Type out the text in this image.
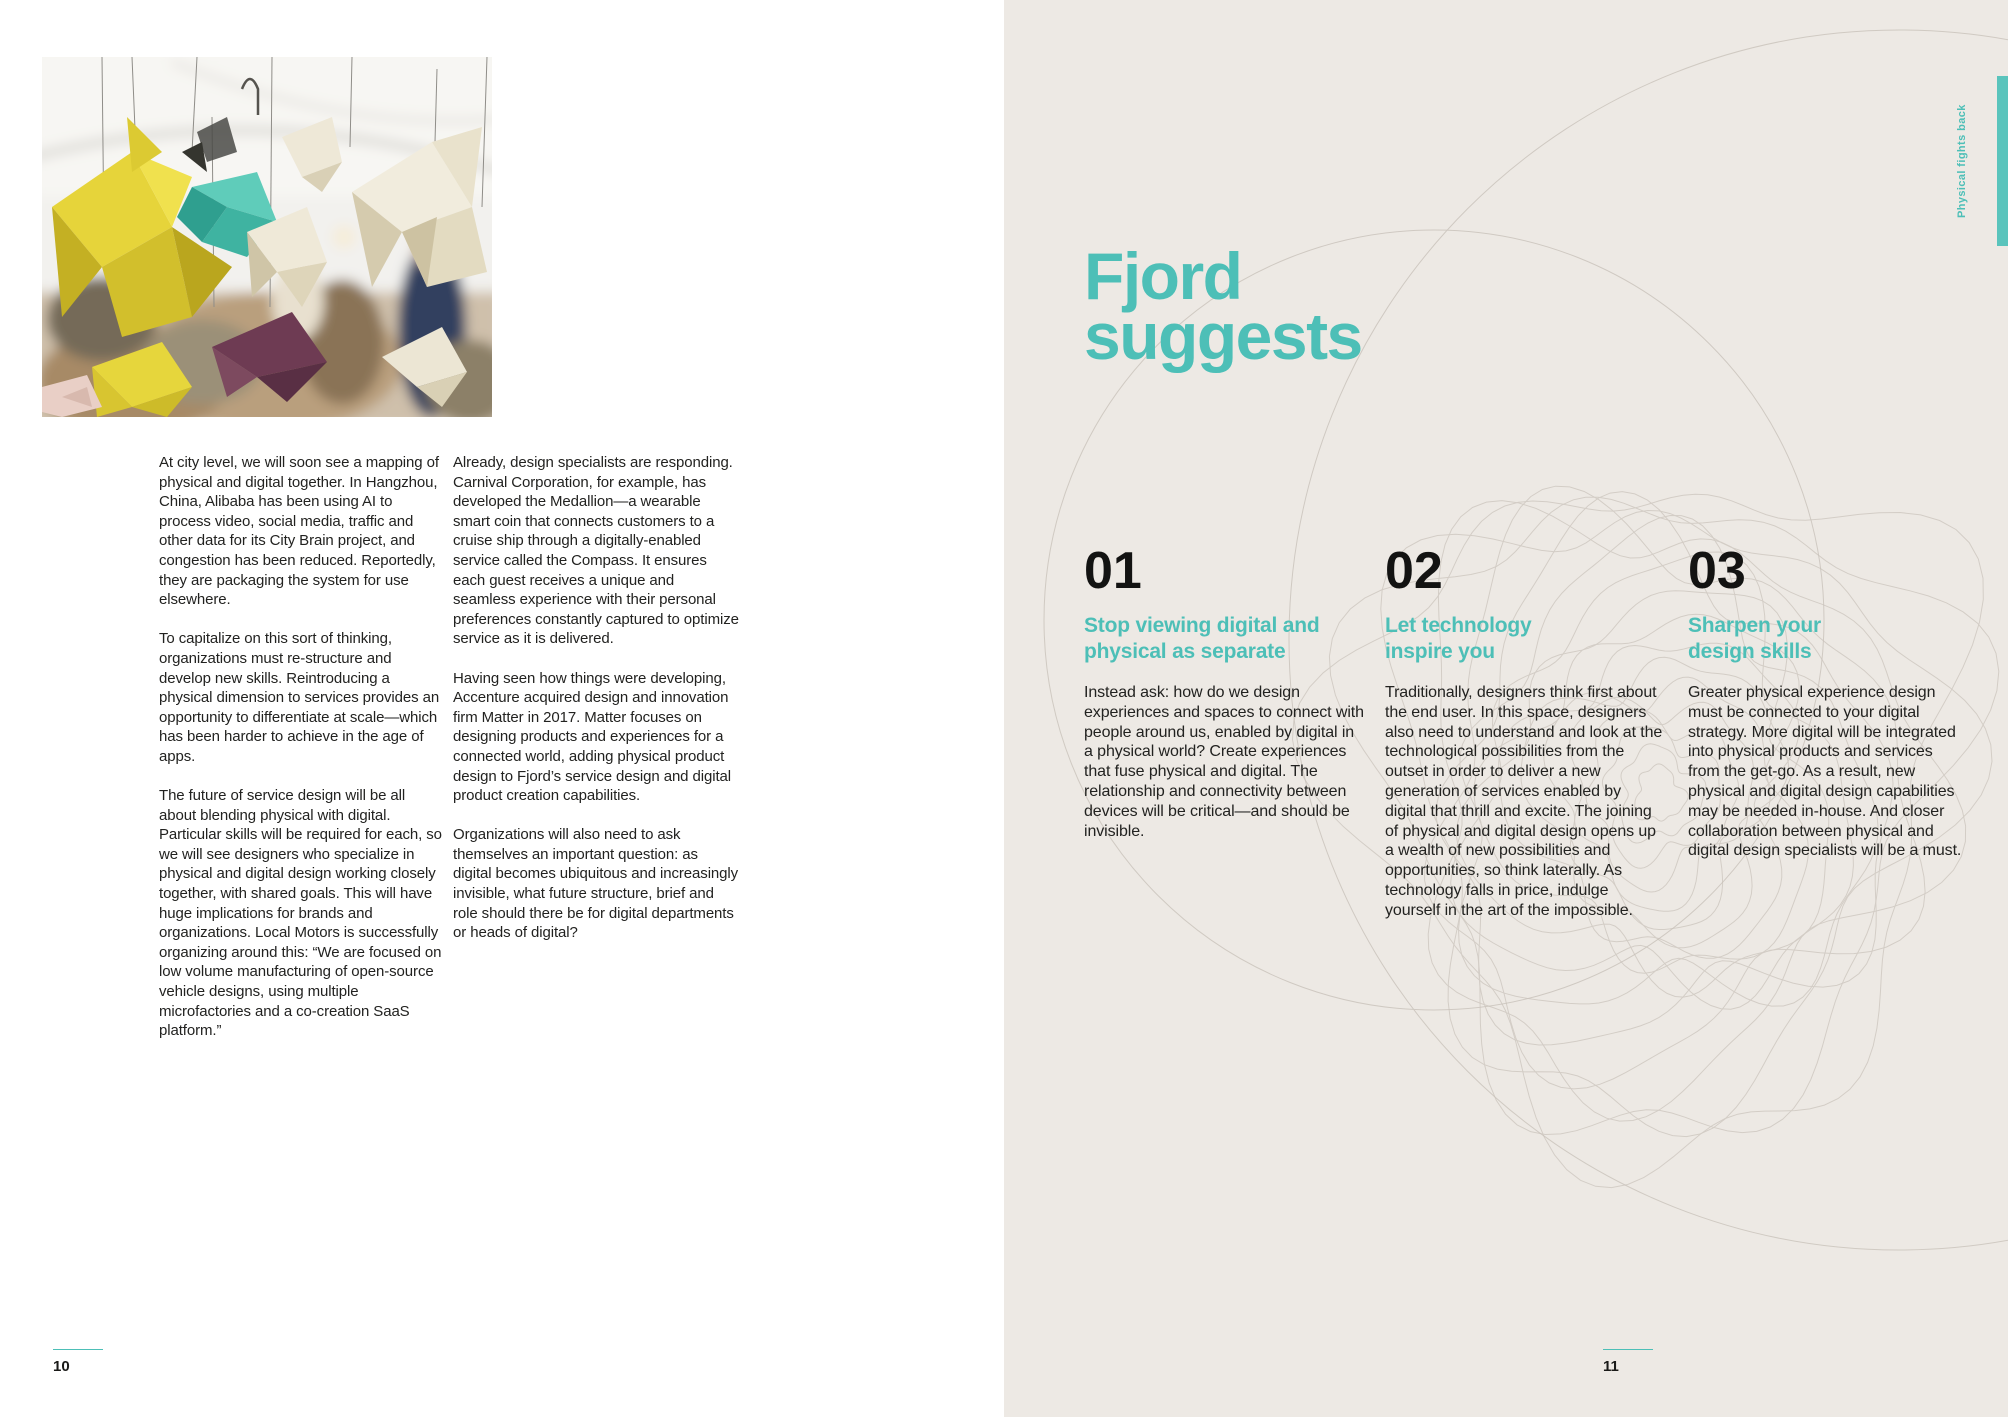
At city level, we will soon see a mapping of physical and digital together. In Hangzhou, China, Alibaba has been using AI to process video, social media, traffic and other data for its City Brain project, and congestion has been reduced. Reportedly, they are packaging the system for use elsewhere.

To capitalize on this sort of thinking, organizations must re-structure and develop new skills. Reintroducing a physical dimension to services provides an opportunity to differentiate at scale—which has been harder to achieve in the age of apps.

The future of service design will be all about blending physical with digital. Particular skills will be required for each, so we will see designers who specialize in physical and digital design working closely together, with shared goals. This will have huge implications for brands and organizations. Local Motors is successfully organizing around this: “We are focused on low volume manufacturing of open-source vehicle designs, using multiple microfactories and a co-creation SaaS platform.”

Already, design specialists are responding. Carnival Corporation, for example, has developed the Medallion—a wearable smart coin that connects customers to a cruise ship through a digitally-enabled service called the Compass. It ensures each guest receives a unique and seamless experience with their personal preferences constantly captured to optimize service as it is delivered.

Having seen how things were developing, Accenture acquired design and innovation firm Matter in 2017. Matter focuses on designing products and experiences for a connected world, adding physical product design to Fjord’s service design and digital product creation capabilities.

Organizations will also need to ask themselves an important question: as digital becomes ubiquitous and increasingly invisible, what future structure, brief and role should there be for digital departments or heads of digital?

10
Fjord
suggests
01
Stop viewing digital and
physical as separate
Instead ask: how do we design experiences and spaces to connect with people around us, enabled by digital in a physical world? Create experiences that fuse physical and digital. The relationship and connectivity between devices will be critical—and should be invisible.
02
Let technology
inspire you
Traditionally, designers think first about the end user. In this space, designers also need to understand and look at the technological possibilities from the outset in order to deliver a new generation of services enabled by digital that thrill and excite. The joining of physical and digital design opens up a wealth of new possibilities and opportunities, so think laterally. As technology falls in price, indulge yourself in the art of the impossible.
03
Sharpen your
design skills
Greater physical experience design must be connected to your digital strategy. More digital will be integrated into physical products and services from the get-go. As a result, new physical and digital design capabilities may be needed in-house. And closer collaboration between physical and digital design specialists will be a must.
11
Physical fights back
